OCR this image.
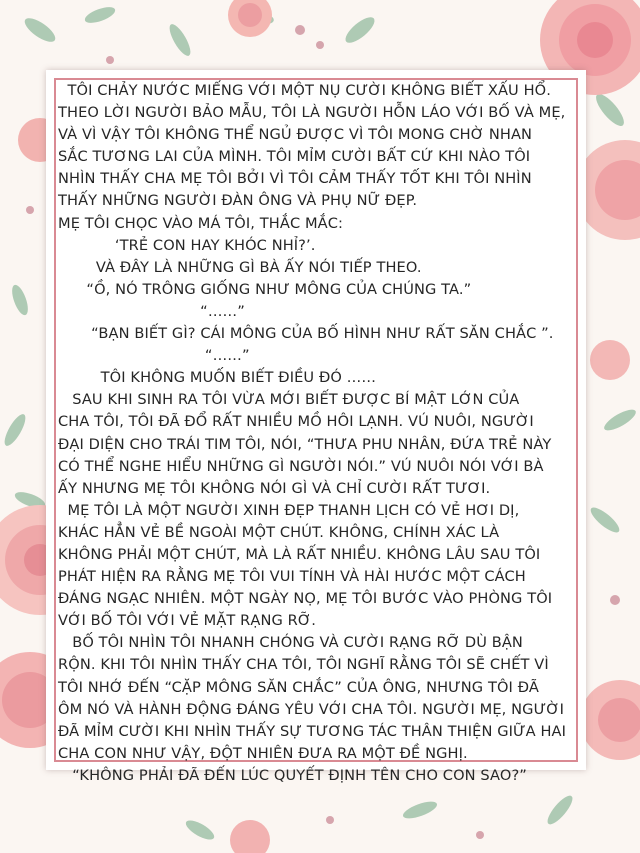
TÔI CHẢY NƯỚC MIẾNG VỚI MỘT NỤ CƯỜI KHÔNG BIẾT XẤU HỔ.
THEO LỜI NGƯỜI BẢO MẪU, TÔI LÀ NGƯỜI HỖN LÁO VỚI BỐ VÀ MẸ,
VÀ VÌ VẬY TÔI KHÔNG THỂ NGỦ ĐƯỢC VÌ TÔI MONG CHỜ NHAN
SẮC TƯƠNG LAI CỦA MÌNH. TÔI MỈM CƯỜI BẤT CỨ KHI NÀO TÔI
NHÌN THẤY CHA MẸ TÔI BỞI VÌ TÔI CẢM THẤY TỐT KHI TÔI NHÌN
THẤY NHỮNG NGƯỜI ĐÀN ÔNG VÀ PHỤ NỮ ĐẸP.
MẸ TÔI CHỌC VÀO MÁ TÔI, THẮC MẮC:
‘TRẺ CON HAY KHÓC NHỈ?’.
VÀ ĐÂY LÀ NHỮNG GÌ BÀ ẤY NÓI TIẾP THEO.
“Ồ, NÓ TRÔNG GIỐNG NHƯ MÔNG CỦA CHÚNG TA.”
“……”
“BẠN BIẾT GÌ? CÁI MÔNG CỦA BỐ HÌNH NHƯ RẤT SĂN CHẮC ”.
“……”
TÔI KHÔNG MUỐN BIẾT ĐIỀU ĐÓ ……
SAU KHI SINH RA TÔI VỪA MỚI BIẾT ĐƯỢC BÍ MẬT LỚN CỦA
CHA TÔI, TÔI ĐÃ ĐỔ RẤT NHIỀU MỒ HÔI LẠNH. VÚ NUÔI, NGƯỜI
ĐẠI DIỆN CHO TRÁI TIM TÔI, NÓI, “THƯA PHU NHÂN, ĐỨA TRẺ NÀY
CÓ THỂ NGHE HIỂU NHỮNG GÌ NGƯỜI NÓI.” VÚ NUÔI NÓI VỚI BÀ
ẤY NHƯNG MẸ TÔI KHÔNG NÓI GÌ VÀ CHỈ CƯỜI RẤT TƯƠI.
MẸ TÔI LÀ MỘT NGƯỜI XINH ĐẸP THANH LỊCH CÓ VẺ HƠI DỊ,
KHÁC HẲN VẺ BỀ NGOÀI MỘT CHÚT. KHÔNG, CHÍNH XÁC LÀ
KHÔNG PHẢI MỘT CHÚT, MÀ LÀ RẤT NHIỀU. KHÔNG LÂU SAU TÔI
PHÁT HIỆN RA RẰNG MẸ TÔI VUI TÍNH VÀ HÀI HƯỚC MỘT CÁCH
ĐÁNG NGẠC NHIÊN. MỘT NGÀY NỌ, MẸ TÔI BƯỚC VÀO PHÒNG TÔI
VỚI BỐ TÔI VỚI VẺ MẶT RẠNG RỠ.
BỐ TÔI NHÌN TÔI NHANH CHÓNG VÀ CƯỜI RẠNG RỠ DÙ BẬN
RỘN. KHI TÔI NHÌN THẤY CHA TÔI, TÔI NGHĨ RẰNG TÔI SẼ CHẾT VÌ
TÔI NHỚ ĐẾN “CẶP MÔNG SĂN CHẮC” CỦA ÔNG, NHƯNG TÔI ĐÃ
ÔM NÓ VÀ HÀNH ĐỘNG ĐÁNG YÊU VỚI CHA TÔI. NGƯỜI MẸ, NGƯỜI
ĐÃ MỈM CƯỜI KHI NHÌN THẤY SỰ TƯƠNG TÁC THÂN THIỆN GIỮA HAI
CHA CON NHƯ VẬY, ĐỘT NHIÊN ĐƯA RA MỘT ĐỀ NGHỊ.
“KHÔNG PHẢI ĐÃ ĐẾN LÚC QUYẾT ĐỊNH TÊN CHO CON SAO?”
